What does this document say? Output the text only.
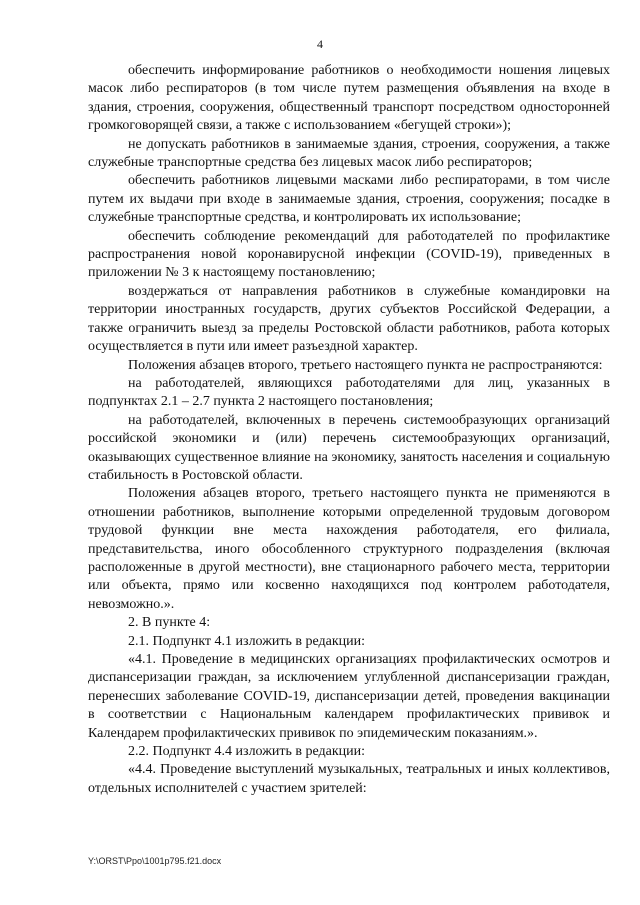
4

обеспечить информирование работников о необходимости ношения лицевых масок либо респираторов (в том числе путем размещения объявления на входе в здания, строения, сооружения, общественный транспорт посредством односторонней громкоговорящей связи, а также с использованием «бегущей строки»);

не допускать работников в занимаемые здания, строения, сооружения, а также служебные транспортные средства без лицевых масок либо респираторов;

обеспечить работников лицевыми масками либо респираторами, в том числе путем их выдачи при входе в занимаемые здания, строения, сооружения; посадке в служебные транспортные средства, и контролировать их использование;

обеспечить соблюдение рекомендаций для работодателей по профилактике распространения новой коронавирусной инфекции (COVID-19), приведенных в приложении № 3 к настоящему постановлению;

воздержаться от направления работников в служебные командировки на территории иностранных государств, других субъектов Российской Федерации, а также ограничить выезд за пределы Ростовской области работников, работа которых осуществляется в пути или имеет разъездной характер.

Положения абзацев второго, третьего настоящего пункта не распространяются:

на работодателей, являющихся работодателями для лиц, указанных в подпунктах 2.1 – 2.7 пункта 2 настоящего постановления;

на работодателей, включенных в перечень системообразующих организаций российской экономики и (или) перечень системообразующих организаций, оказывающих существенное влияние на экономику, занятость населения и социальную стабильность в Ростовской области.

Положения абзацев второго, третьего настоящего пункта не применяются в отношении работников, выполнение которыми определенной трудовым договором трудовой функции вне места нахождения работодателя, его филиала, представительства, иного обособленного структурного подразделения (включая расположенные в другой местности), вне стационарного рабочего места, территории или объекта, прямо или косвенно находящихся под контролем работодателя, невозможно.».

2. В пункте 4:

2.1. Подпункт 4.1 изложить в редакции:

«4.1. Проведение в медицинских организациях профилактических осмотров и диспансеризации граждан, за исключением углубленной диспансеризации граждан, перенесших заболевание COVID-19, диспансеризации детей, проведения вакцинации в соответствии с Национальным календарем профилактических прививок и Календарем профилактических прививок по эпидемическим показаниям.».

2.2. Подпункт 4.4 изложить в редакции:

«4.4. Проведение выступлений музыкальных, театральных и иных коллективов, отдельных исполнителей с участием зрителей:

Y:\ORST\Ppo\1001p795.f21.docx
